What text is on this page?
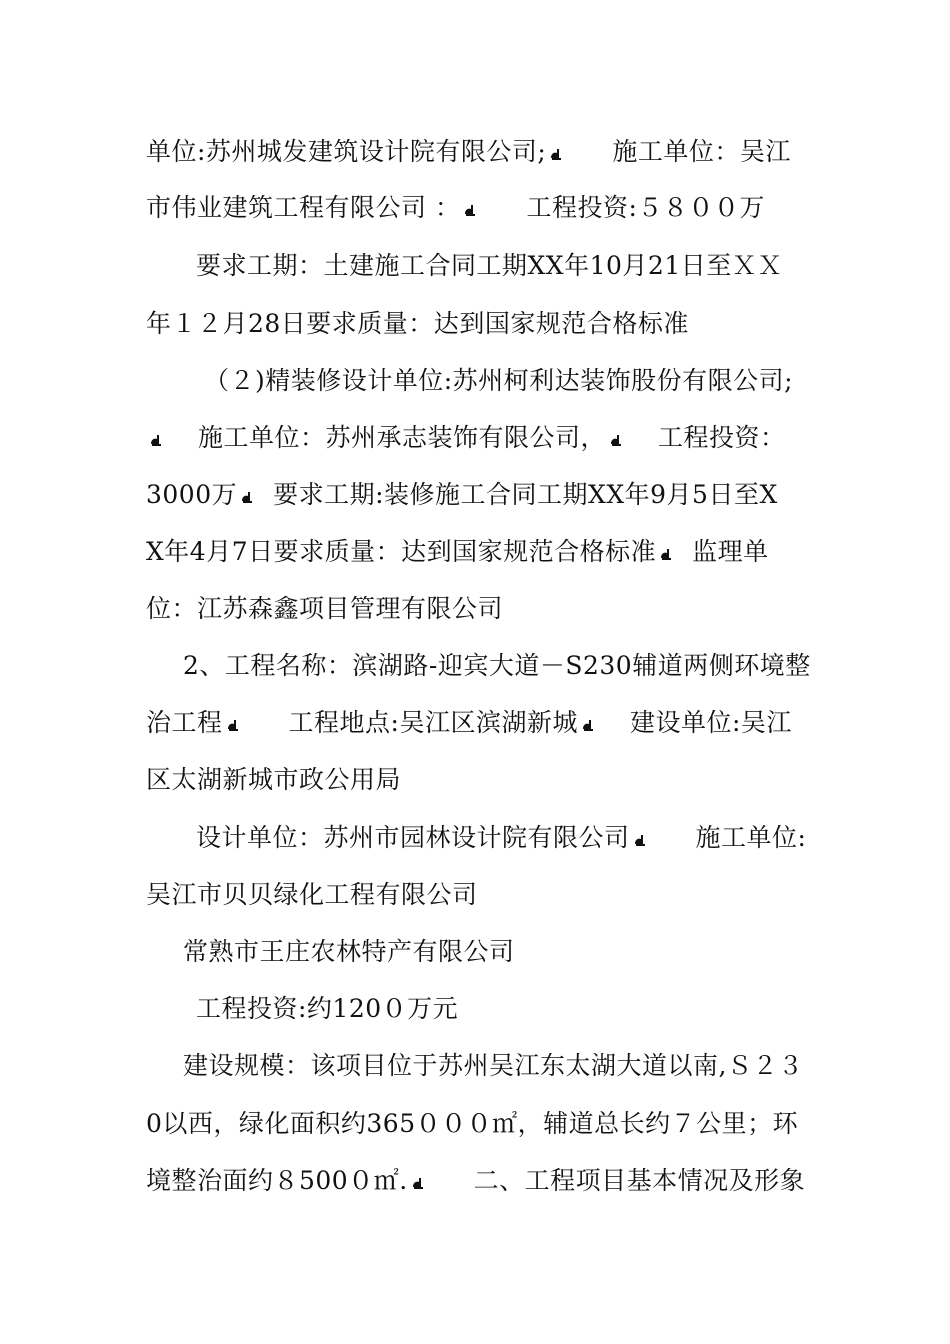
单位:苏州城发建筑设计院有限公司;	施工单位：吴江
市伟业建筑工程有限公司 ：	工程投资:５８００万
要求工期：土建施工合同工期XX年10月21日至ＸＸ
年１２月28日要求质量：达到国家规范合格标准
（２)精装修设计单位:苏州柯利达装饰股份有限公司;
施工单位：苏州承志装饰有限公司， 工程投资：
3000万 要求工期:装修施工合同工期XX年9月5日至X
X年4月7日要求质量：达到国家规范合格标准 监理单
位：江苏森鑫项目管理有限公司
2、工程名称：滨湖路-迎宾大道－S230辅道两侧环境整
治工程	工程地点:吴江区滨湖新城 建设单位:吴江
区太湖新城市政公用局
设计单位：苏州市园林设计院有限公司	施工单位:
吴江市贝贝绿化工程有限公司
常熟市王庄农林特产有限公司
工程投资:约120０万元
建设规模：该项目位于苏州吴江东太湖大道以南,Ｓ２３
0以西，绿化面积约365０００㎡，辅道总长约７公里；环
境整治面约８500０㎡.	二、工程项目基本情况及形象
